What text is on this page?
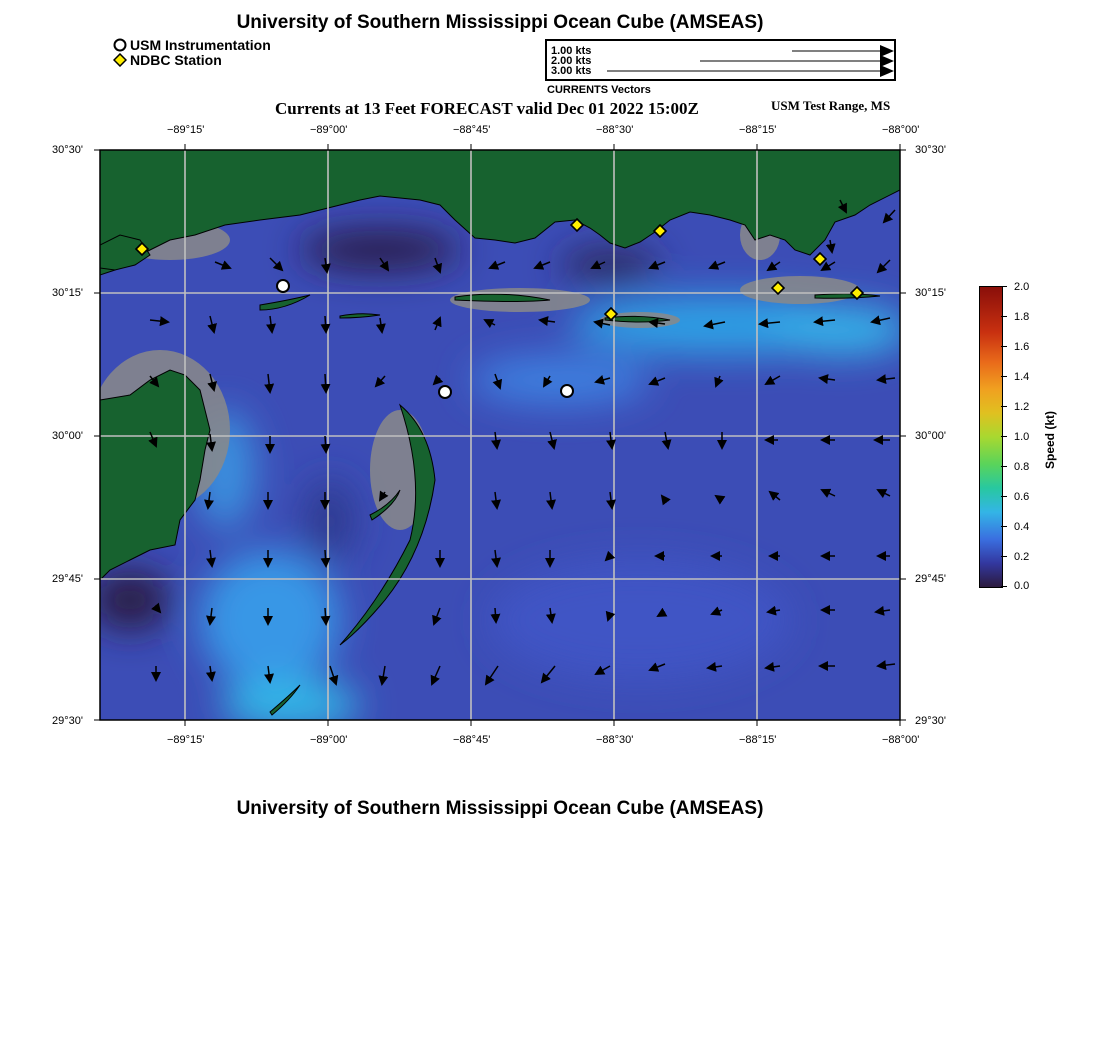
University of Southern Mississippi Ocean Cube (AMSEAS)
USM Instrumentation
NDBC Station
1.00 kts
2.00 kts
3.00 kts
CURRENTS Vectors
Currents at 13 Feet FORECAST valid Dec 01 2022 15:00Z	USM Test Range, MS
−89°15'	−89°00'	−88°45'	−88°30'	−88°15'	−88°00'
−89°15'	−89°00'	−88°45'	−88°30'	−88°15'	−88°00'
30°30'
30°15'
30°00'
29°45'
29°30'
30°30'
30°15'
30°00'
29°45'
29°30'
2.0
1.8
1.6
1.4
1.2
1.0
0.8
0.6
0.4
0.2
0.0
Speed (kt)
University of Southern Mississippi Ocean Cube (AMSEAS)
